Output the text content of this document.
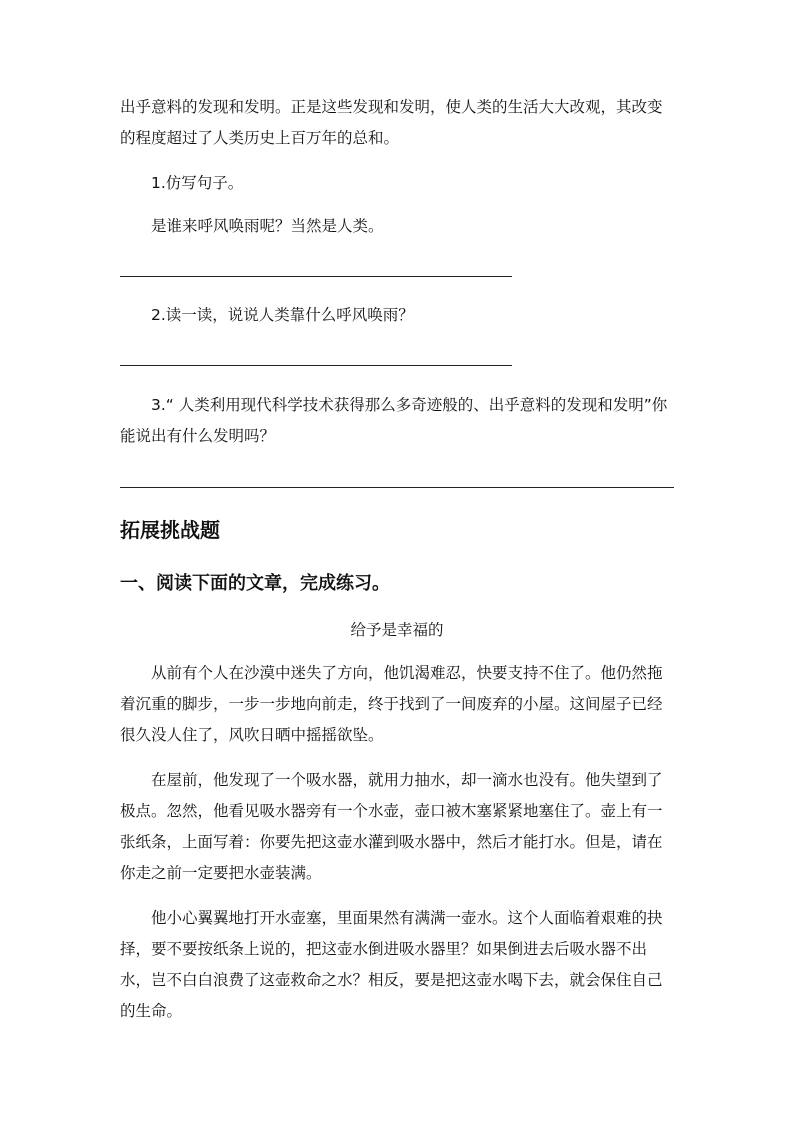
出乎意料的发现和发明。正是这些发现和发明，使人类的生活大大改观，其改变的程度超过了人类历史上百万年的总和。

1.仿写句子。

是谁来呼风唤雨呢？当然是人类。

2.读一读，说说人类靠什么呼风唤雨？

3.“ 人类利用现代科学技术获得那么多奇迹般的、出乎意料的发现和发明”你能说出有什么发明吗？

拓展挑战题

一、阅读下面的文章，完成练习。

给予是幸福的

从前有个人在沙漠中迷失了方向，他饥渴难忍，快要支持不住了。他仍然拖着沉重的脚步，一步一步地向前走，终于找到了一间废弃的小屋。这间屋子已经很久没人住了，风吹日晒中摇摇欲坠。

在屋前，他发现了一个吸水器，就用力抽水，却一滴水也没有。他失望到了极点。忽然，他看见吸水器旁有一个水壶，壶口被木塞紧紧地塞住了。壶上有一张纸条，上面写着：你要先把这壶水灌到吸水器中，然后才能打水。但是，请在你走之前一定要把水壶装满。

他小心翼翼地打开水壶塞，里面果然有满满一壶水。这个人面临着艰难的抉择，要不要按纸条上说的，把这壶水倒进吸水器里？如果倒进去后吸水器不出水，岂不白白浪费了这壶救命之水？相反，要是把这壶水喝下去，就会保住自己的生命。
